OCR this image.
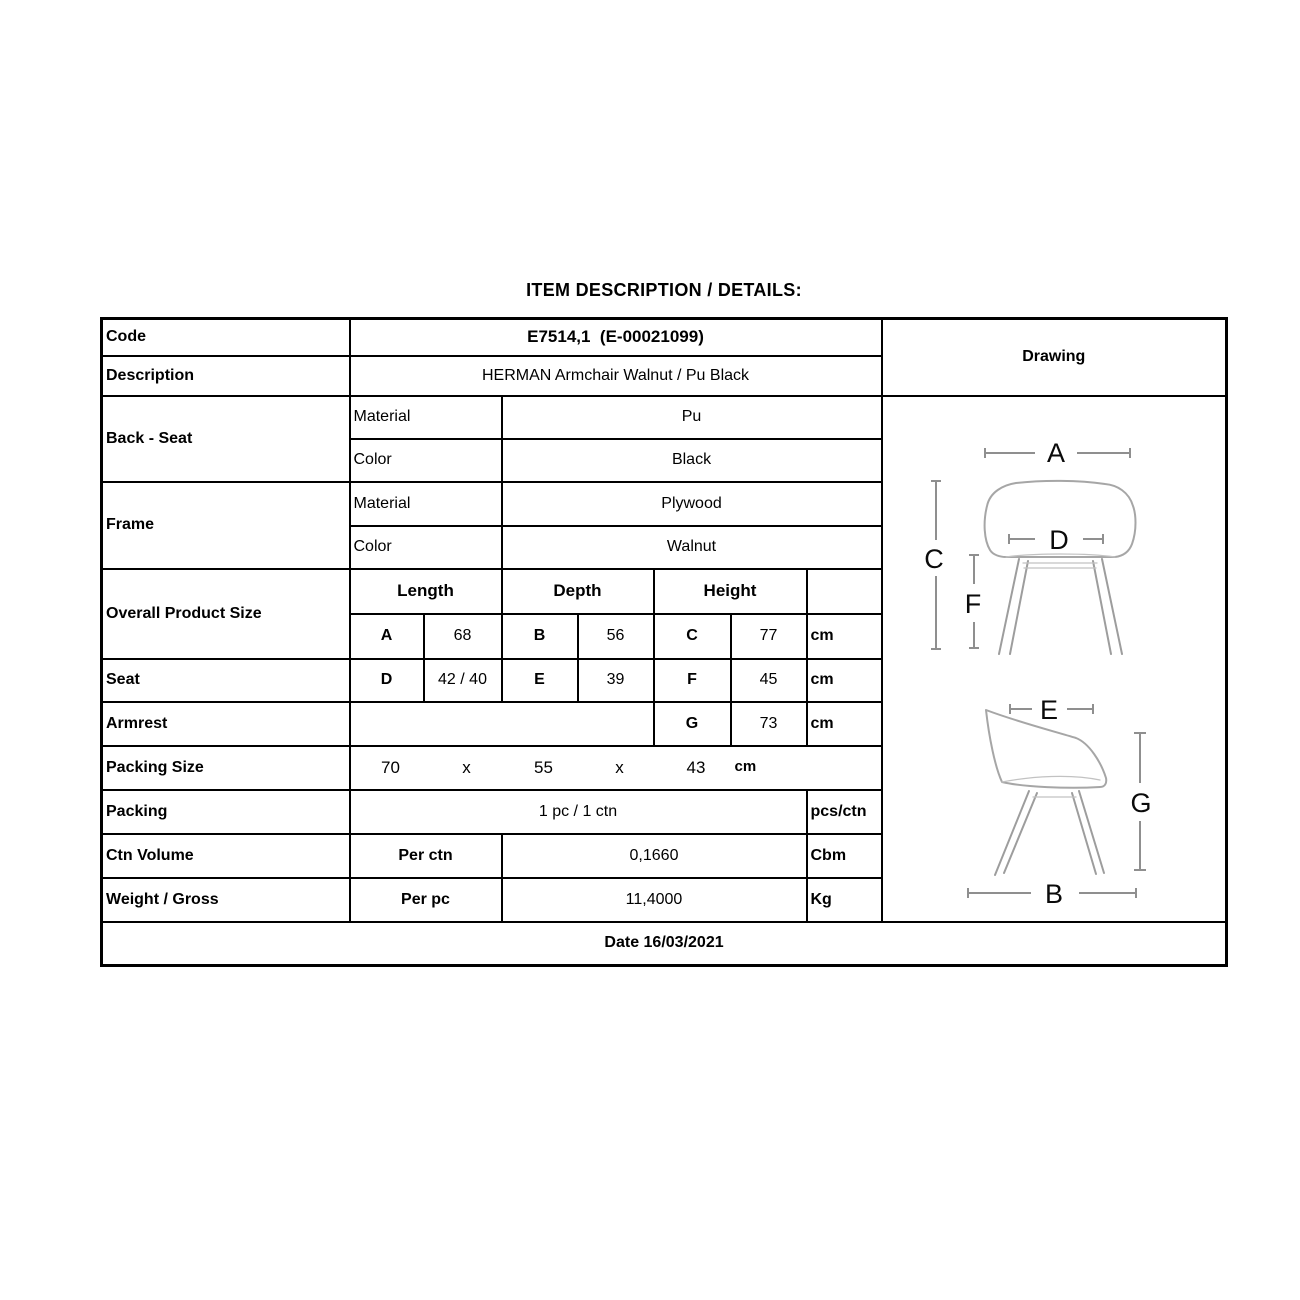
ITEM DESCRIPTION / DETAILS:
Code	E7514,1  (E-00021099)							Drawing
Description	HERMAN Armchair Walnut / Pu Black							
Back - Seat	Material	Pu	
A
C
F
D
E
G
B

	Color		Black					
Frame	Material		Plywood					
	Color		Walnut					
Overall Product Size	Length		Depth		Height			
	A	68	B	56	C	77	cm	
Seat	D	42 / 40	E	39	F	45	cm	
Armrest					G	73	cm	
Packing Size	70	x	55	x	43	cm

Packing	1 pc / 1 ctn						pcs/ctn	
Ctn Volume	Per ctn		0,1660				Cbm	
Weight / Gross	Per pc		11,4000				Kg	
Date 16/03/2021								
